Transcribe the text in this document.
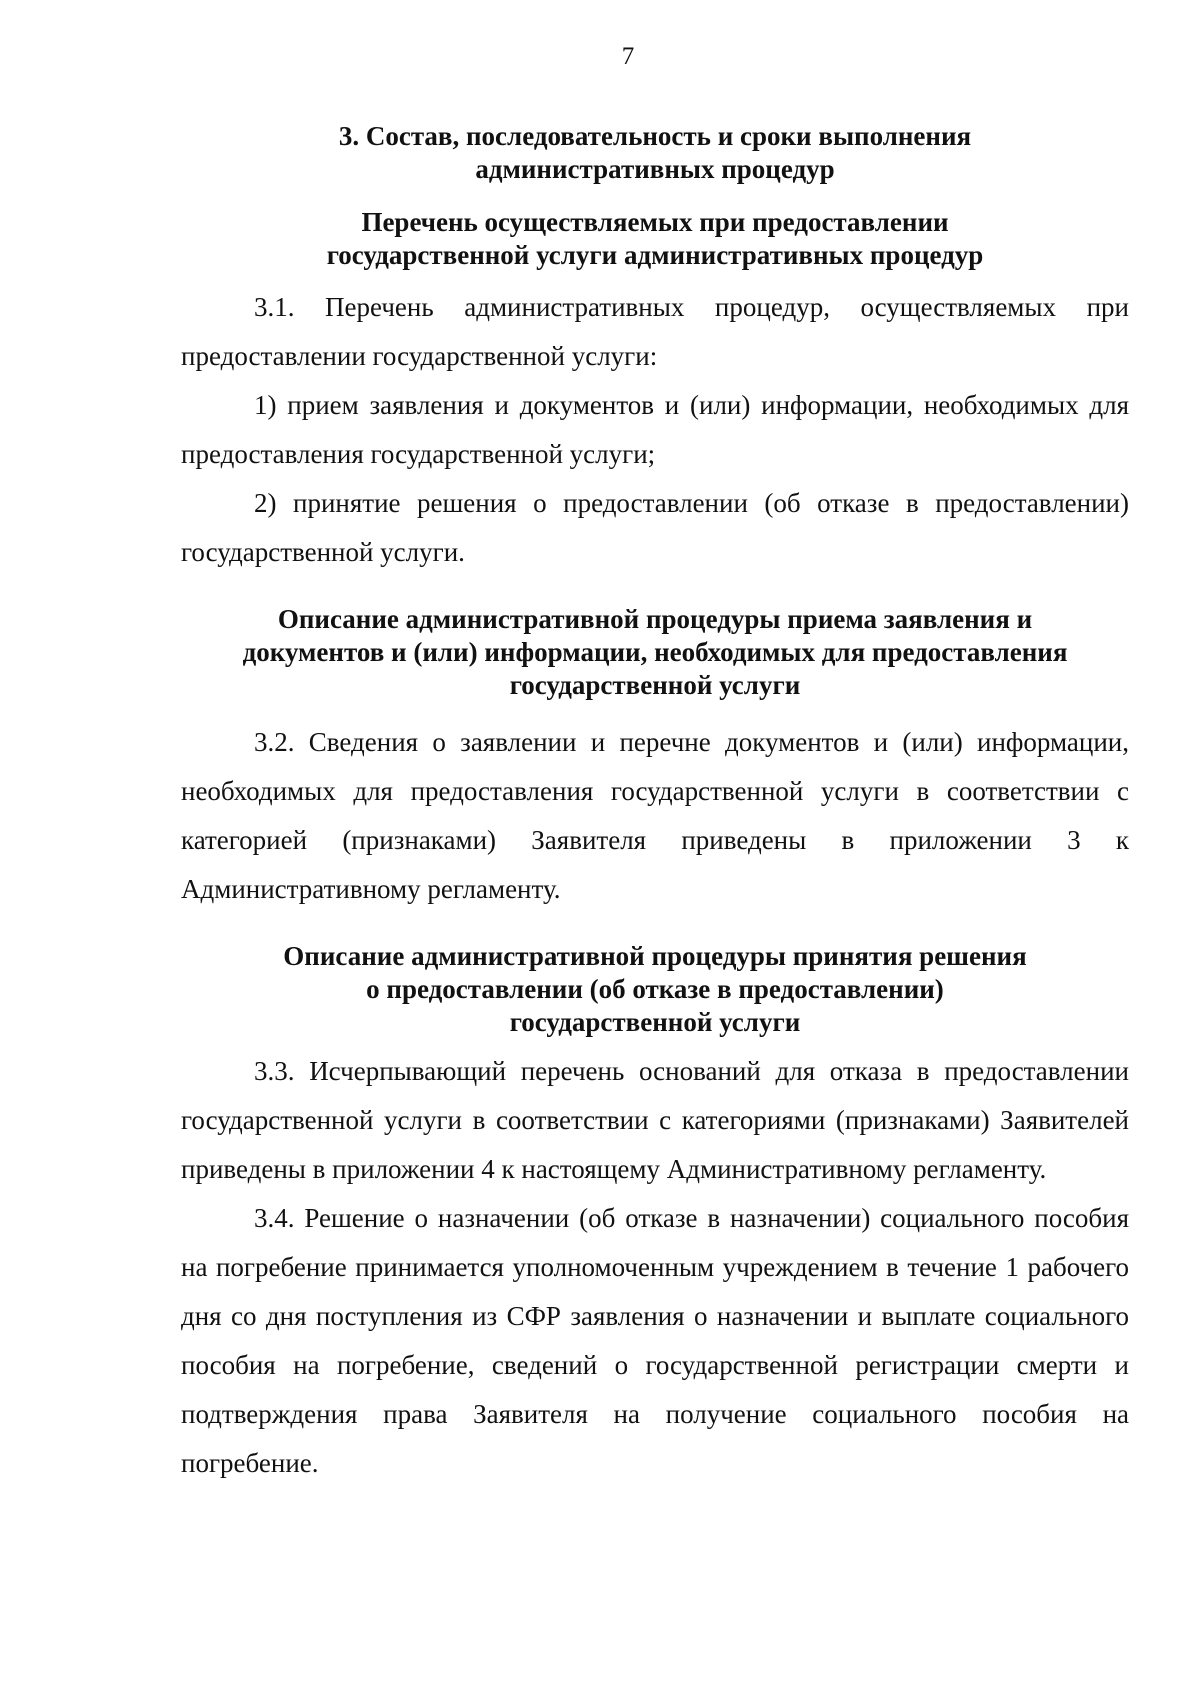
7
3. Состав, последовательность и сроки выполнения
административных процедур
Перечень осуществляемых при предоставлении
государственной услуги административных процедур

3.1. Перечень административных процедур, осуществляемых при предоставлении государственной услуги:

1) прием заявления и документов и (или) информации, необходимых для предоставления государственной услуги;

2) принятие решения о предоставлении (об отказе в предоставлении) государственной услуги.

Описание административной процедуры приема заявления и
документов и (или) информации, необходимых для предоставления
государственной услуги

3.2. Сведения о заявлении и перечне документов и (или) информации, необходимых для предоставления государственной услуги в соответствии с категорией (признаками) Заявителя приведены в приложении 3 к Административному регламенту.

Описание административной процедуры принятия решения
о предоставлении (об отказе в предоставлении)
государственной услуги

3.3. Исчерпывающий перечень оснований для отказа в предоставлении государственной услуги в соответствии с категориями (признаками) Заявителей приведены в приложении 4 к настоящему Административному регламенту.

3.4. Решение о назначении (об отказе в назначении) социального пособия на погребение принимается уполномоченным учреждением в течение 1 рабочего дня со дня поступления из СФР заявления о назначении и выплате социального пособия на погребение, сведений о государственной регистрации смерти и подтверждения права Заявителя на получение социального пособия на погребение.
